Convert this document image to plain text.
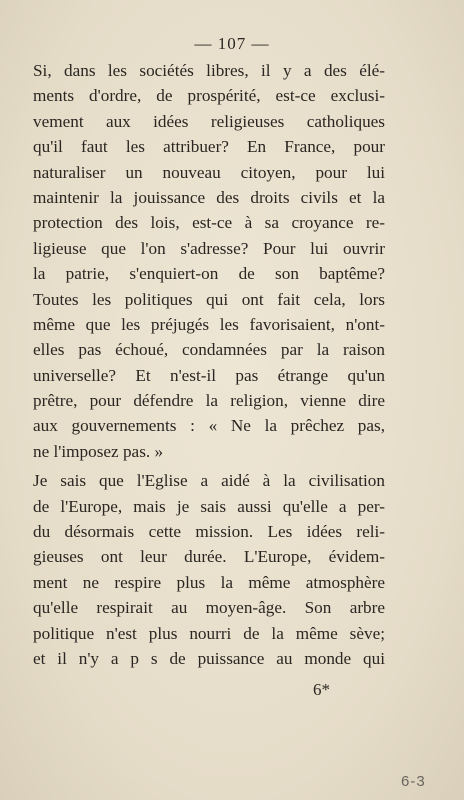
— 107 —
Si, dans les sociétés libres, il y a des élé-
ments d'ordre, de prospérité, est-ce exclusi-
vement aux idées religieuses catholiques
qu'il faut les attribuer? En France, pour
naturaliser un nouveau citoyen, pour lui
maintenir la jouissance des droits civils et la
protection des lois, est-ce à sa croyance re-
ligieuse que l'on s'adresse? Pour lui ouvrir
la patrie, s'enquiert-on de son baptême?
Toutes les politiques qui ont fait cela, lors
même que les préjugés les favorisaient, n'ont-
elles pas échoué, condamnées par la raison
universelle? Et n'est-il pas étrange qu'un
prêtre, pour défendre la religion, vienne dire
aux gouvernements : « Ne la prêchez pas,
ne l'imposez pas. »
Je sais que l'Eglise a aidé à la civilisation
de l'Europe, mais je sais aussi qu'elle a per-
du désormais cette mission. Les idées reli-
gieuses ont leur durée. L'Europe, évidem-
ment ne respire plus la même atmosphère
qu'elle respirait au moyen-âge. Son arbre
politique n'est plus nourri de la même sève;
et il n'y a p s de puissance au monde qui
6*
6-3
